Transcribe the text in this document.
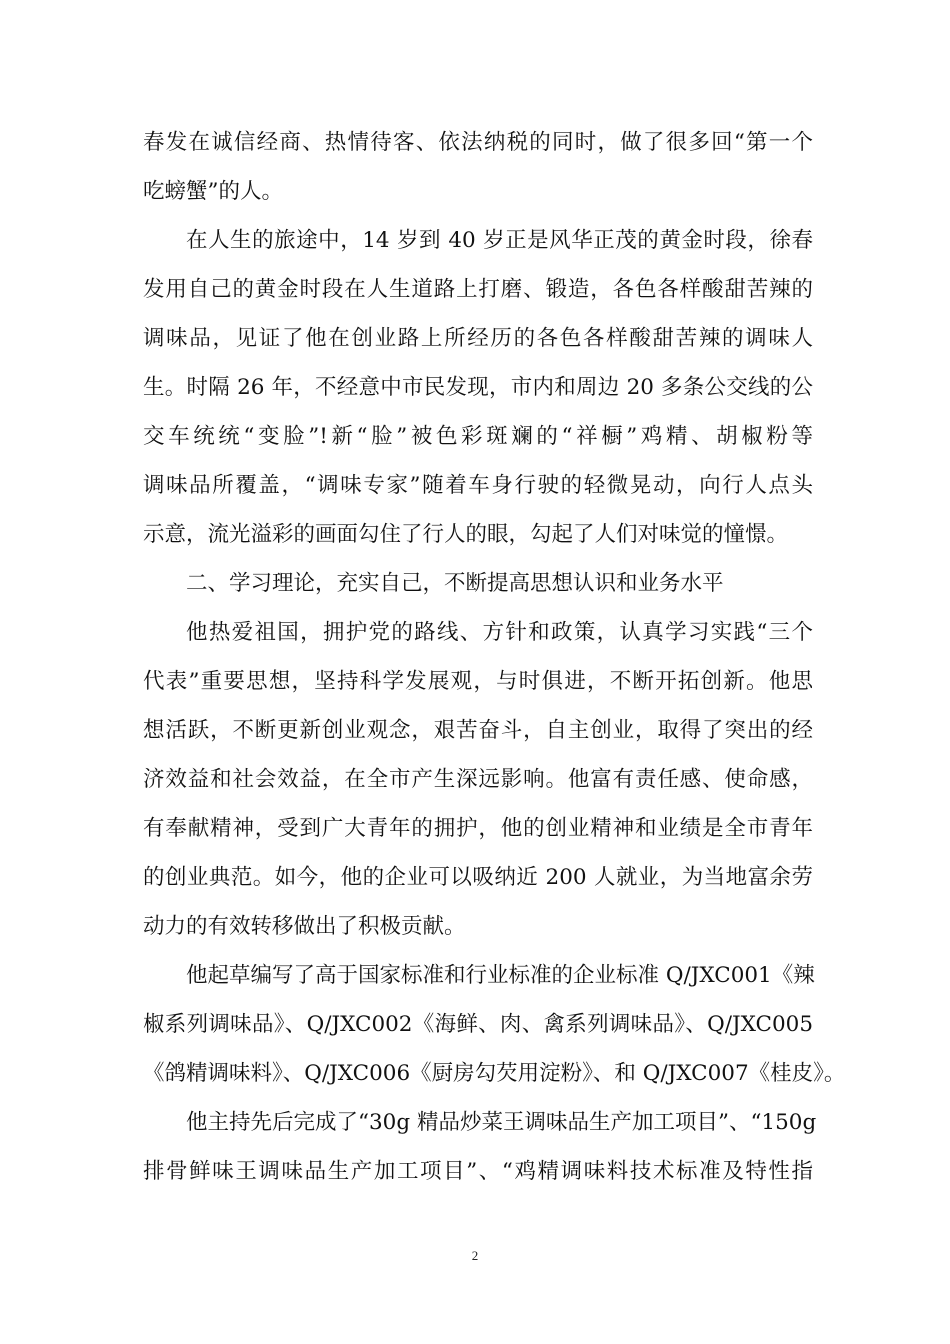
春发在诚信经商、热情待客、依法纳税的同时，做了很多回“第一个
吃螃蟹”的人。

在人生的旅途中，14 岁到 40 岁正是风华正茂的黄金时段，徐春
发用自己的黄金时段在人生道路上打磨、锻造，各色各样酸甜苦辣的
调味品，见证了他在创业路上所经历的各色各样酸甜苦辣的调味人
生。时隔 26 年，不经意中市民发现，市内和周边 20 多条公交线的公
交车统统“变脸”!新“脸”被色彩斑斓的“祥橱”鸡精、胡椒粉等
调味品所覆盖，“调味专家”随着车身行驶的轻微晃动，向行人点头
示意，流光溢彩的画面勾住了行人的眼，勾起了人们对味觉的憧憬。

二、学习理论，充实自己，不断提高思想认识和业务水平

他热爱祖国，拥护党的路线、方针和政策，认真学习实践“三个
代表”重要思想，坚持科学发展观，与时俱进，不断开拓创新。他思
想活跃，不断更新创业观念，艰苦奋斗，自主创业，取得了突出的经
济效益和社会效益，在全市产生深远影响。他富有责任感、使命感，
有奉献精神，受到广大青年的拥护，他的创业精神和业绩是全市青年
的创业典范。如今，他的企业可以吸纳近 200 人就业，为当地富余劳
动力的有效转移做出了积极贡献。

他起草编写了高于国家标准和行业标准的企业标准 Q/JXC001《辣
椒系列调味品》、Q/JXC002《海鲜、肉、禽系列调味品》、Q/JXC005
《鸽精调味料》、Q/JXC006《厨房勾芡用淀粉》、和 Q/JXC007《桂皮》。

他主持先后完成了“30g 精品炒菜王调味品生产加工项目”、“150g
排骨鲜味王调味品生产加工项目”、“鸡精调味料技术标准及特性指

2
